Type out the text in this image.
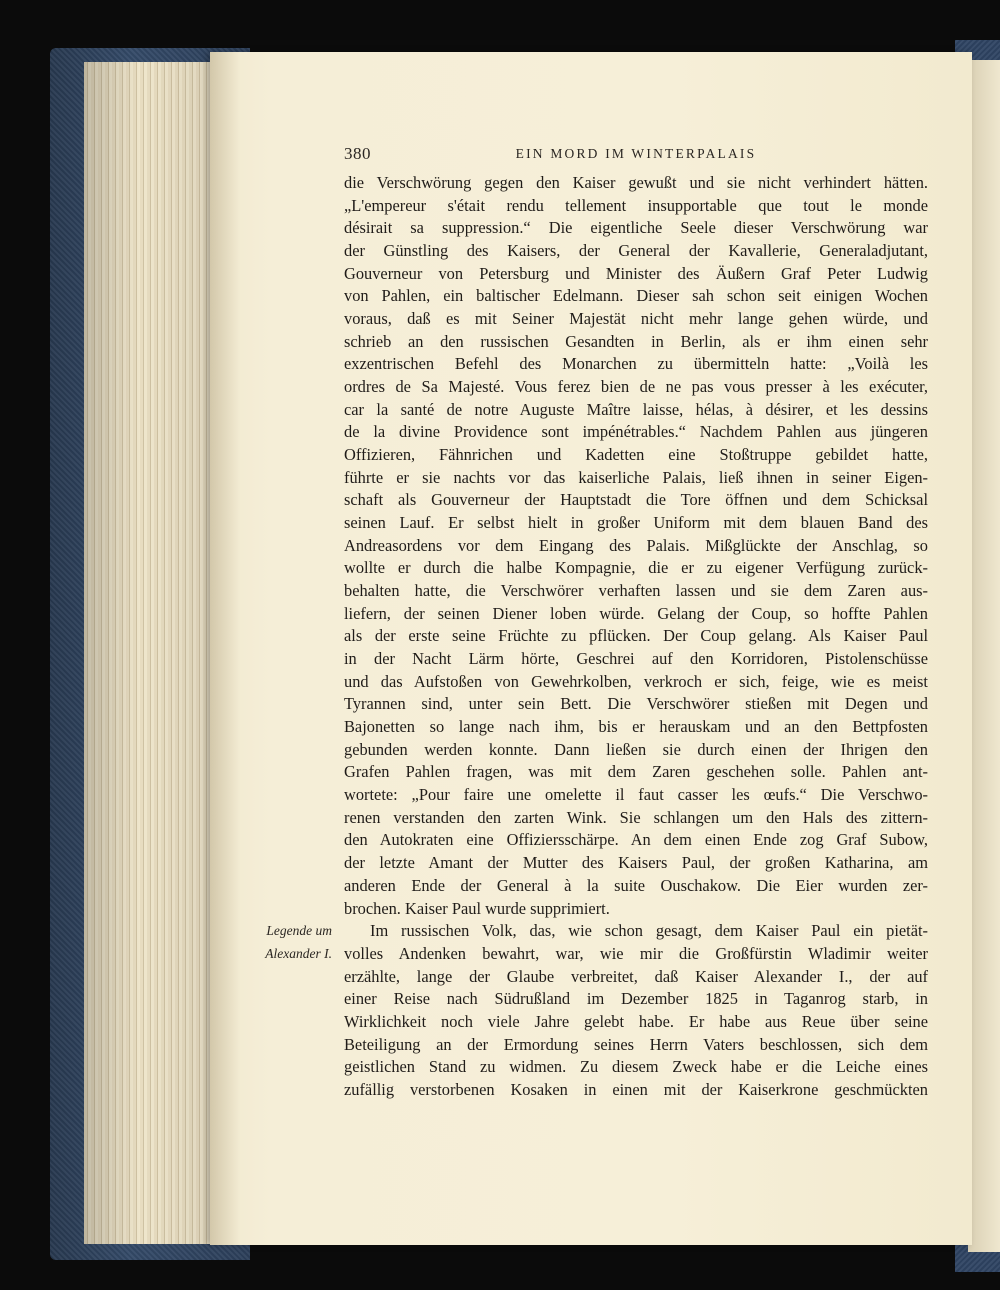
380	EIN MORD IM WINTERPALAIS
Legende um
Alexander I.
die Verschwörung gegen den Kaiser gewußt und sie nicht verhindert hätten.
„L'empereur s'était rendu tellement insupportable que tout le monde
désirait sa suppression.“ Die eigentliche Seele dieser Verschwörung war
der Günstling des Kaisers, der General der Kavallerie, Generaladjutant,
Gouverneur von Petersburg und Minister des Äußern Graf Peter Ludwig
von Pahlen, ein baltischer Edelmann. Dieser sah schon seit einigen Wochen
voraus, daß es mit Seiner Majestät nicht mehr lange gehen würde, und
schrieb an den russischen Gesandten in Berlin, als er ihm einen sehr
exzentrischen Befehl des Monarchen zu übermitteln hatte: „Voilà les
ordres de Sa Majesté. Vous ferez bien de ne pas vous presser à les exécuter,
car la santé de notre Auguste Maître laisse, hélas, à désirer, et les dessins
de la divine Providence sont impénétrables.“ Nachdem Pahlen aus jüngeren
Offizieren, Fähnrichen und Kadetten eine Stoßtruppe gebildet hatte,
führte er sie nachts vor das kaiserliche Palais, ließ ihnen in seiner Eigen-
schaft als Gouverneur der Hauptstadt die Tore öffnen und dem Schicksal
seinen Lauf. Er selbst hielt in großer Uniform mit dem blauen Band des
Andreasordens vor dem Eingang des Palais. Mißglückte der Anschlag, so
wollte er durch die halbe Kompagnie, die er zu eigener Verfügung zurück-
behalten hatte, die Verschwörer verhaften lassen und sie dem Zaren aus-
liefern, der seinen Diener loben würde. Gelang der Coup, so hoffte Pahlen
als der erste seine Früchte zu pflücken. Der Coup gelang. Als Kaiser Paul
in der Nacht Lärm hörte, Geschrei auf den Korridoren, Pistolenschüsse
und das Aufstoßen von Gewehrkolben, verkroch er sich, feige, wie es meist
Tyrannen sind, unter sein Bett. Die Verschwörer stießen mit Degen und
Bajonetten so lange nach ihm, bis er herauskam und an den Bettpfosten
gebunden werden konnte. Dann ließen sie durch einen der Ihrigen den
Grafen Pahlen fragen, was mit dem Zaren geschehen solle. Pahlen ant-
wortete: „Pour faire une omelette il faut casser les œufs.“ Die Verschwo-
renen verstanden den zarten Wink. Sie schlangen um den Hals des zittern-
den Autokraten eine Offiziersschärpe. An dem einen Ende zog Graf Subow,
der letzte Amant der Mutter des Kaisers Paul, der großen Katharina, am
anderen Ende der General à la suite Ouschakow. Die Eier wurden zer-
brochen. Kaiser Paul wurde supprimiert.
Im russischen Volk, das, wie schon gesagt, dem Kaiser Paul ein pietät-
volles Andenken bewahrt, war, wie mir die Großfürstin Wladimir weiter
erzählte, lange der Glaube verbreitet, daß Kaiser Alexander I., der auf
einer Reise nach Südrußland im Dezember 1825 in Taganrog starb, in
Wirklichkeit noch viele Jahre gelebt habe. Er habe aus Reue über seine
Beteiligung an der Ermordung seines Herrn Vaters beschlossen, sich dem
geistlichen Stand zu widmen. Zu diesem Zweck habe er die Leiche eines
zufällig verstorbenen Kosaken in einen mit der Kaiserkrone geschmückten
